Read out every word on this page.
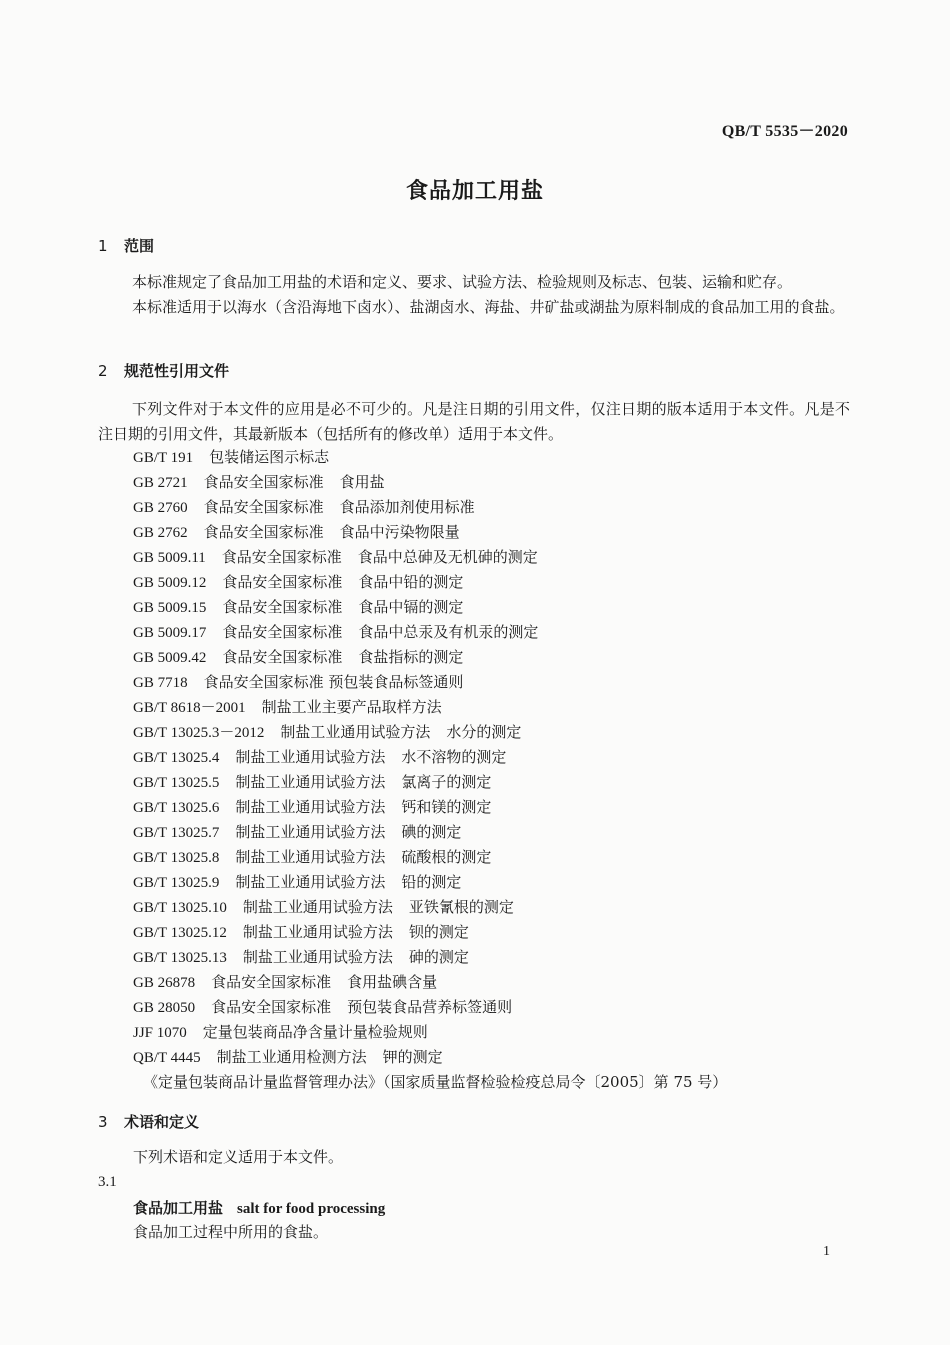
QB/T 5535－2020
食品加工用盐
1 范围
本标准规定了食品加工用盐的术语和定义、要求、试验方法、检验规则及标志、包装、运输和贮存。
本标准适用于以海水（含沿海地下卤水）、盐湖卤水、海盐、井矿盐或湖盐为原料制成的食品加工用的食盐。
2 规范性引用文件
下列文件对于本文件的应用是必不可少的。凡是注日期的引用文件，仅注日期的版本适用于本文件。凡是不注日期的引用文件，其最新版本（包括所有的修改单）适用于本文件。
GB/T 191 包装储运图示标志
GB 2721 食品安全国家标准 食用盐
GB 2760 食品安全国家标准 食品添加剂使用标准
GB 2762 食品安全国家标准 食品中污染物限量
GB 5009.11 食品安全国家标准 食品中总砷及无机砷的测定
GB 5009.12 食品安全国家标准 食品中铅的测定
GB 5009.15 食品安全国家标准 食品中镉的测定
GB 5009.17 食品安全国家标准 食品中总汞及有机汞的测定
GB 5009.42 食品安全国家标准 食盐指标的测定
GB 7718 食品安全国家标准 预包装食品标签通则
GB/T 8618－2001 制盐工业主要产品取样方法
GB/T 13025.3－2012 制盐工业通用试验方法 水分的测定
GB/T 13025.4 制盐工业通用试验方法 水不溶物的测定
GB/T 13025.5 制盐工业通用试验方法 氯离子的测定
GB/T 13025.6 制盐工业通用试验方法 钙和镁的测定
GB/T 13025.7 制盐工业通用试验方法 碘的测定
GB/T 13025.8 制盐工业通用试验方法 硫酸根的测定
GB/T 13025.9 制盐工业通用试验方法 铅的测定
GB/T 13025.10 制盐工业通用试验方法 亚铁氰根的测定
GB/T 13025.12 制盐工业通用试验方法 钡的测定
GB/T 13025.13 制盐工业通用试验方法 砷的测定
GB 26878 食品安全国家标准 食用盐碘含量
GB 28050 食品安全国家标准 预包装食品营养标签通则
JJF 1070 定量包装商品净含量计量检验规则
QB/T 4445 制盐工业通用检测方法 钾的测定
《定量包装商品计量监督管理办法》（国家质量监督检验检疫总局令〔2005〕第 75 号）
3 术语和定义
下列术语和定义适用于本文件。
3.1
食品加工用盐 salt for food processing
食品加工过程中所用的食盐。
1
